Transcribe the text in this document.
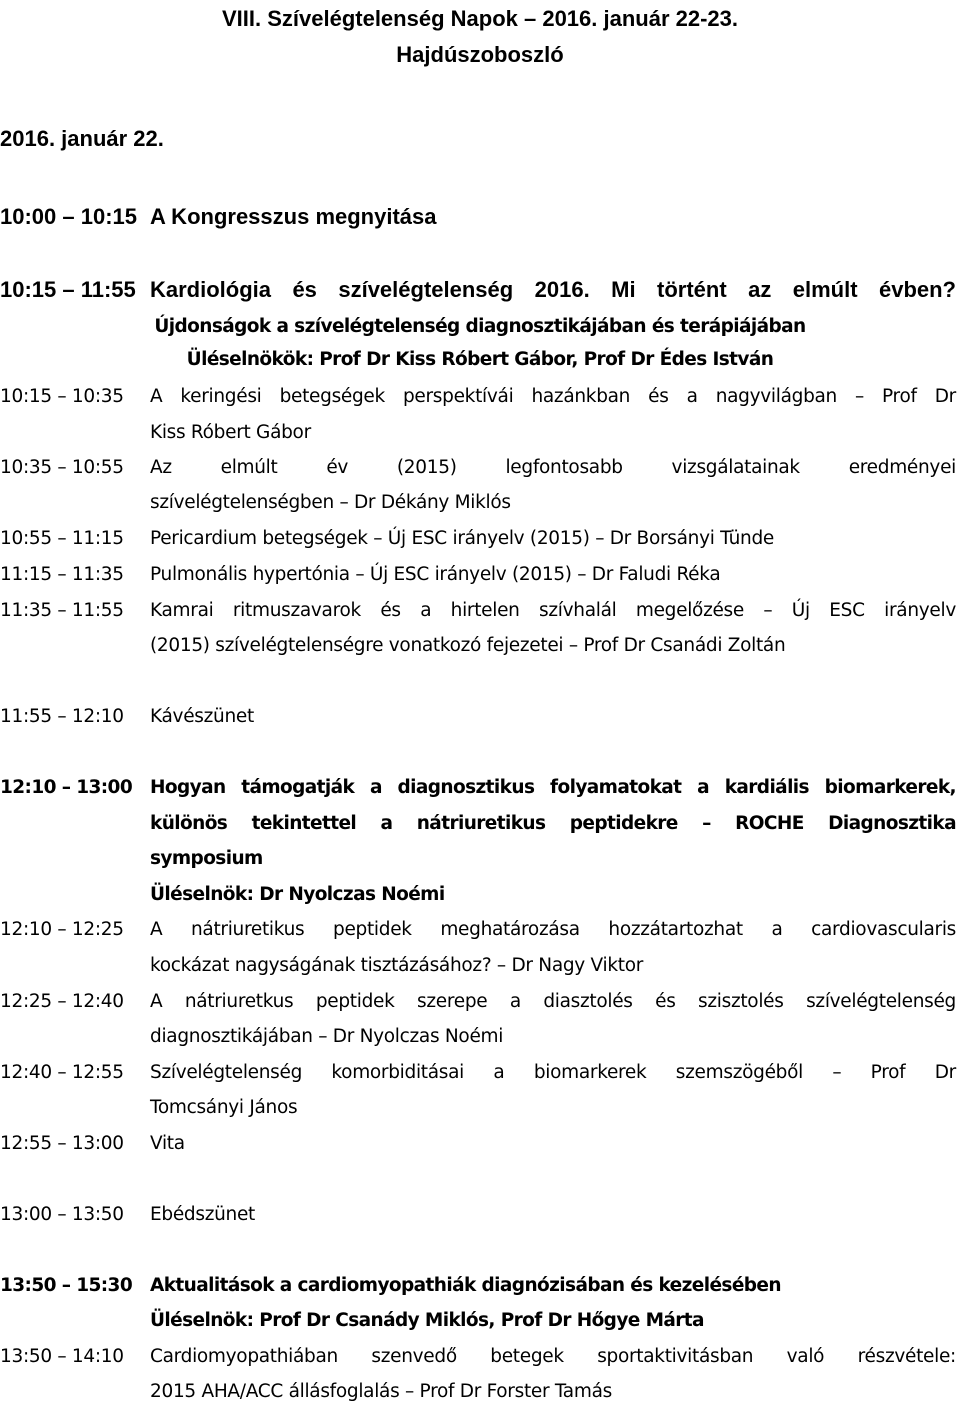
VIII. Szívelégtelenség Napok – 2016. január 22-23.
Hajdúszoboszló
2016. január 22.
10:00 – 10:15 A Kongresszus megnyitása
10:15 – 11:55 Kardiológia és szívelégtelenség 2016. Mi történt az elmúlt évben?
Újdonságok a szívelégtelenség diagnosztikájában és terápiájában
Üléselnökök: Prof Dr Kiss Róbert Gábor, Prof Dr Édes István
10:15 – 10:35	A keringési betegségek perspektívái hazánkban és a nagyvilágban – Prof Dr
Kiss Róbert Gábor
10:35 – 10:55	Az elmúlt év (2015) legfontosabb vizsgálatainak eredményei
szívelégtelenségben – Dr Dékány Miklós
10:55 – 11:15	Pericardium betegségek – Új ESC irányelv (2015) – Dr Borsányi Tünde
11:15 – 11:35	Pulmonális hypertónia – Új ESC irányelv (2015) – Dr Faludi Réka
11:35 – 11:55	Kamrai ritmuszavarok és a hirtelen szívhalál megelőzése – Új ESC irányelv
(2015) szívelégtelenségre vonatkozó fejezetei – Prof Dr Csanádi Zoltán
11:55 – 12:10	Kávészünet
12:10 – 13:00 Hogyan támogatják a diagnosztikus folyamatokat a kardiális biomarkerek,
különös tekintettel a nátriuretikus peptidekre – ROCHE Diagnosztika
symposium
Üléselnök: Dr Nyolczas Noémi
12:10 – 12:25	A nátriuretikus peptidek meghatározása hozzátartozhat a cardiovascularis
kockázat nagyságának tisztázásához? – Dr Nagy Viktor
12:25 – 12:40	A nátriuretkus peptidek szerepe a diasztolés és szisztolés szívelégtelenség
diagnosztikájában – Dr Nyolczas Noémi
12:40 – 12:55	Szívelégtelenség komorbiditásai a biomarkerek szemszögéből – Prof Dr
Tomcsányi János
12:55 – 13:00	Vita
13:00 – 13:50	Ebédszünet
13:50 – 15:30 Aktualitások a cardiomyopathiák diagnózisában és kezelésében
Üléselnök: Prof Dr Csanády Miklós, Prof Dr Hőgye Márta
13:50 – 14:10	Cardiomyopathiában szenvedő betegek sportaktivitásban való részvétele:
2015 AHA/ACC állásfoglalás – Prof Dr Forster Tamás
